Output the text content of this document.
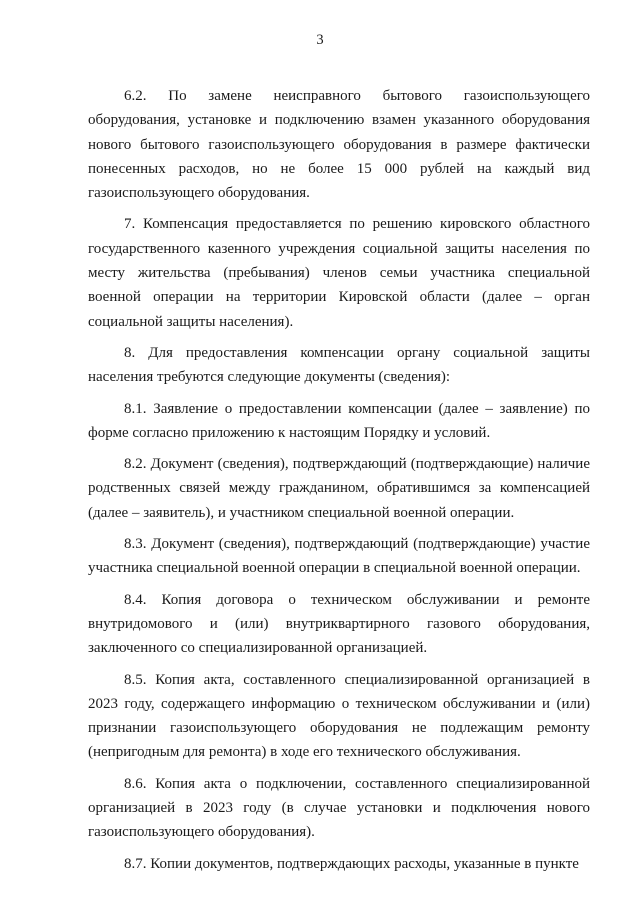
3

6.2. По замене неисправного бытового газоиспользующего оборудования, установке и подключению взамен указанного оборудования нового бытового газоиспользующего оборудования в размере фактически понесенных расходов, но не более 15 000 рублей на каждый вид газоиспользующего оборудования.

7. Компенсация предоставляется по решению кировского областного государственного казенного учреждения социальной защиты населения по месту жительства (пребывания) членов семьи участника специальной военной операции на территории Кировской области (далее – орган социальной защиты населения).

8. Для предоставления компенсации органу социальной защиты населения требуются следующие документы (сведения):

8.1. Заявление о предоставлении компенсации (далее – заявление) по форме согласно приложению к настоящим Порядку и условий.

8.2. Документ (сведения), подтверждающий (подтверждающие) наличие родственных связей между гражданином, обратившимся за компенсацией (далее – заявитель), и участником специальной военной операции.

8.3. Документ (сведения), подтверждающий (подтверждающие) участие участника специальной военной операции в специальной военной операции.

8.4. Копия договора о техническом обслуживании и ремонте внутридомового и (или) внутриквартирного газового оборудования, заключенного со специализированной организацией.

8.5. Копия акта, составленного специализированной организацией в 2023 году, содержащего информацию о техническом обслуживании и (или) признании газоиспользующего оборудования не подлежащим ремонту (непригодным для ремонта) в ходе его технического обслуживания.

8.6. Копия акта о подключении, составленного специализированной организацией в 2023 году (в случае установки и подключения нового газоиспользующего оборудования).

8.7. Копии документов, подтверждающих расходы, указанные в пункте
